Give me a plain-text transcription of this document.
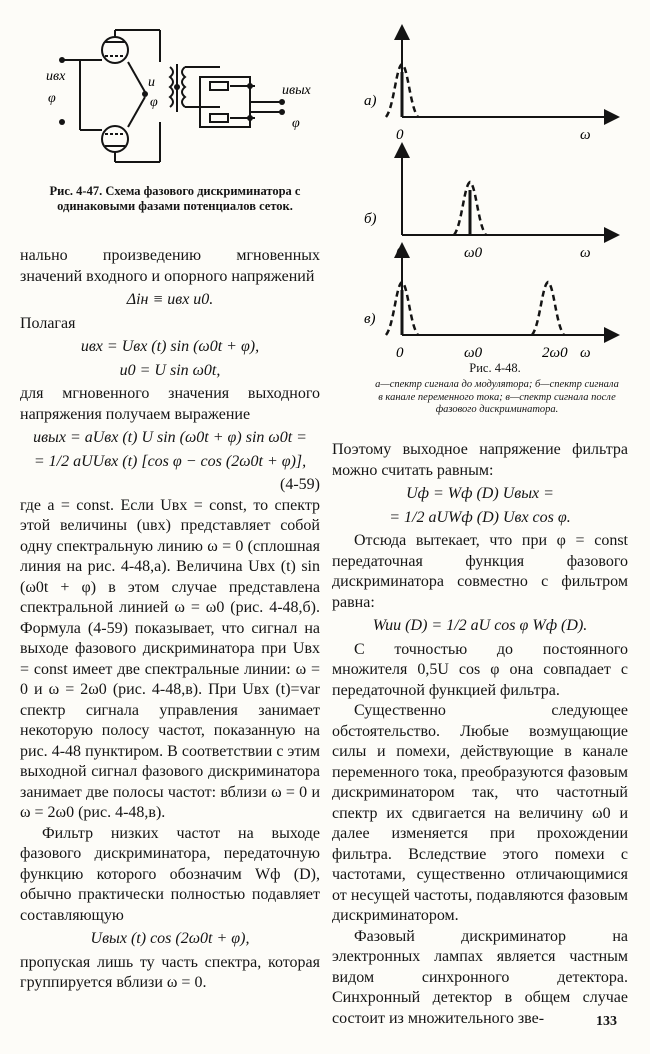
uвх
φ
u
φ
uвых
φ
Рис. 4-47. Схема фазового дискриминатора с одинаковыми фазами потенциалов сеток.
а)
ω
0
б)
ω
0	ω0
в)
ω
0	ω0	2ω0
Рис. 4-48.
а—спектр сигнала до модулятора; б—спектр сигнала в канале переменного тока; в—спектр сигнала после фазового дискриминатора.

нально произведению мгновенных значений входного и опорного напряжений

Δiн ≡ uвх u0.

Полагая

uвх = Uвх (t) sin (ω0t + φ),

u0 = U sin ω0t,

для мгновенного значения выходного напряжения получаем выражение

uвых = aUвх (t) U sin (ω0t + φ) sin ω0t =

= 1/2 aUUвх (t) [cos φ − cos (2ω0t + φ)],

(4-59)

где a = const. Если Uвх = const, то спектр этой величины (uвх) представляет собой одну спектральную линию ω = 0 (сплошная линия на рис. 4-48,а). Величина Uвх (t) sin (ω0t + φ) в этом случае представлена спектральной линией ω = ω0 (рис. 4-48,б). Формула (4-59) показывает, что сигнал на выходе фазового дискриминатора при Uвх = const имеет две спектральные линии: ω = 0 и ω = 2ω0 (рис. 4-48,в). При Uвх (t)=var спектр сигнала управления занимает некоторую полосу частот, показанную на рис. 4-48 пунктиром. В соответствии с этим выходной сигнал фазового дискриминатора занимает две полосы частот: вблизи ω = 0 и ω = 2ω0 (рис. 4-48,в).

Фильтр низких частот на выходе фазового дискриминатора, передаточную функцию которого обозначим Wф (D), обычно практически полностью подавляет составляющую

Uвых (t) cos (2ω0t + φ),

пропуская лишь ту часть спектра, которая группируется вблизи ω = 0.

Поэтому выходное напряжение фильтра можно считать равным:

Uф = Wф (D) Uвых =

= 1/2 aUWф (D) Uвх cos φ.

Отсюда вытекает, что при φ = const передаточная функция фазового дискриминатора совместно с фильтром равна:

Wuu (D) = 1/2 aU cos φ Wф (D).

С точностью до постоянного множителя 0,5U cos φ она совпадает с передаточной функцией фильтра.

Существенно следующее обстоятельство. Любые возмущающие силы и помехи, действующие в канале переменного тока, преобразуются фазовым дискриминатором так, что частотный спектр их сдвигается на величину ω0 и далее изменяется при прохождении фильтра. Вследствие этого помехи с частотами, существенно отличающимися от несущей частоты, подавляются фазовым дискриминатором.

Фазовый дискриминатор на электронных лампах является частным видом синхронного детектора. Синхронный детектор в общем случае состоит из множительного зве-	133
